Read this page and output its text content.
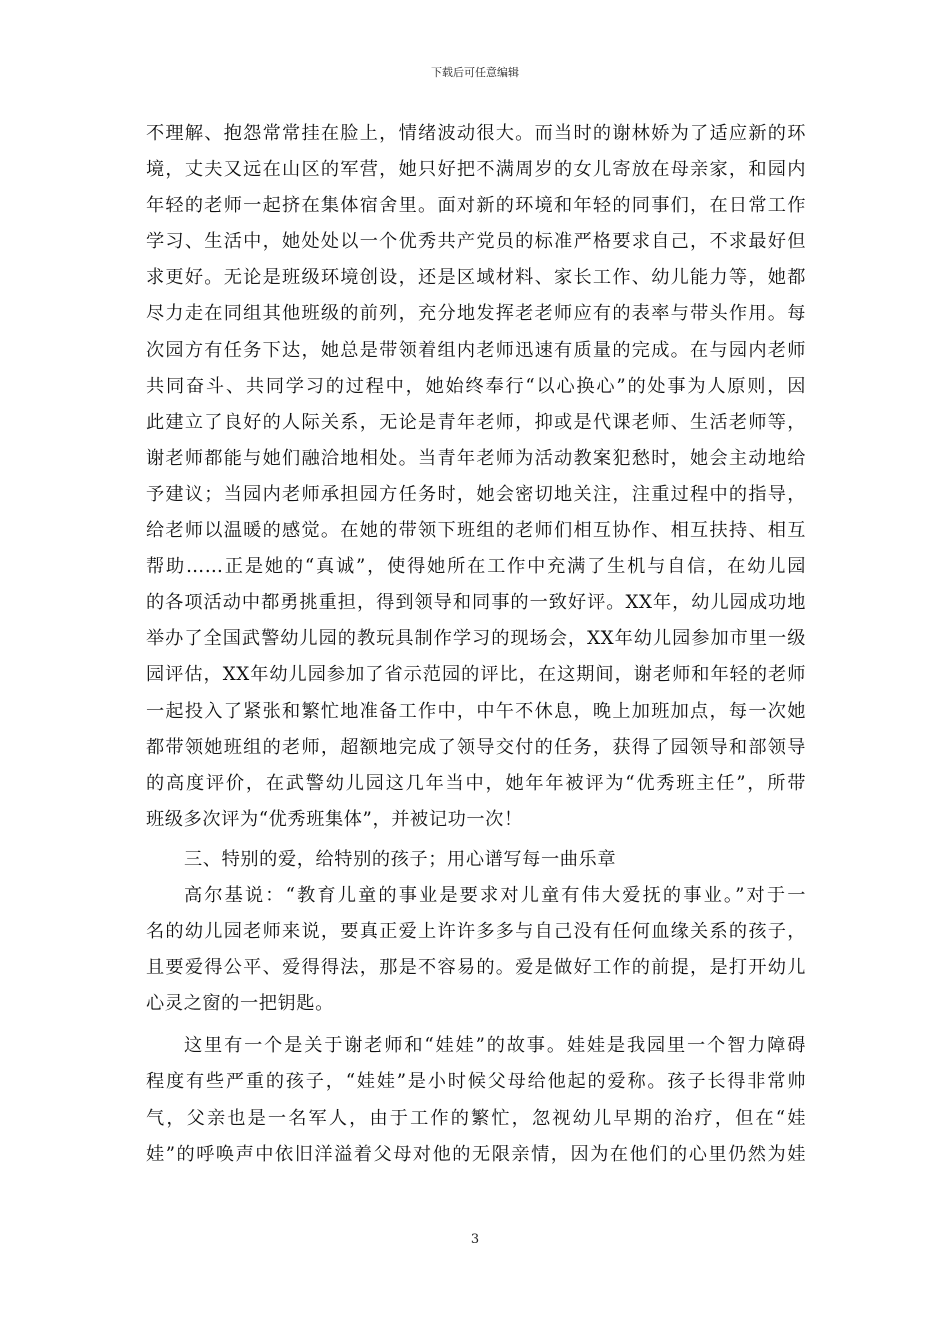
下载后可任意编辑
不理解、抱怨常常挂在脸上，情绪波动很大。而当时的谢林娇为了适应新的环
境，丈夫又远在山区的军营，她只好把不满周岁的女儿寄放在母亲家，和园内
年轻的老师一起挤在集体宿舍里。面对新的环境和年轻的同事们，在日常工作
学习、生活中，她处处以一个优秀共产党员的标准严格要求自己，不求最好但
求更好。无论是班级环境创设，还是区域材料、家长工作、幼儿能力等，她都
尽力走在同组其他班级的前列，充分地发挥老老师应有的表率与带头作用。每
次园方有任务下达，她总是带领着组内老师迅速有质量的完成。在与园内老师
共同奋斗、共同学习的过程中，她始终奉行“以心换心”的处事为人原则，因
此建立了良好的人际关系，无论是青年老师，抑或是代课老师、生活老师等，
谢老师都能与她们融洽地相处。当青年老师为活动教案犯愁时，她会主动地给
予建议；当园内老师承担园方任务时，她会密切地关注，注重过程中的指导，
给老师以温暖的感觉。在她的带领下班组的老师们相互协作、相互扶持、相互
帮助……正是她的“真诚”，使得她所在工作中充满了生机与自信，在幼儿园
的各项活动中都勇挑重担，得到领导和同事的一致好评。XX年，幼儿园成功地
举办了全国武警幼儿园的教玩具制作学习的现场会，XX年幼儿园参加市里一级
园评估，XX年幼儿园参加了省示范园的评比，在这期间，谢老师和年轻的老师
一起投入了紧张和繁忙地准备工作中，中午不休息，晚上加班加点，每一次她
都带领她班组的老师，超额地完成了领导交付的任务，获得了园领导和部领导
的高度评价，在武警幼儿园这几年当中，她年年被评为“优秀班主任”，所带
班级多次评为“优秀班集体”，并被记功一次！
三、特别的爱，给特别的孩子；用心谱写每一曲乐章
高尔基说：“教育儿童的事业是要求对儿童有伟大爱抚的事业。”对于一
名的幼儿园老师来说，要真正爱上许许多多与自己没有任何血缘关系的孩子，
且要爱得公平、爱得得法，那是不容易的。爱是做好工作的前提，是打开幼儿
心灵之窗的一把钥匙。
这里有一个是关于谢老师和“娃娃”的故事。娃娃是我园里一个智力障碍
程度有些严重的孩子，“娃娃”是小时候父母给他起的爱称。孩子长得非常帅
气，父亲也是一名军人，由于工作的繁忙，忽视幼儿早期的治疗，但在“娃
娃”的呼唤声中依旧洋溢着父母对他的无限亲情，因为在他们的心里仍然为娃
3
